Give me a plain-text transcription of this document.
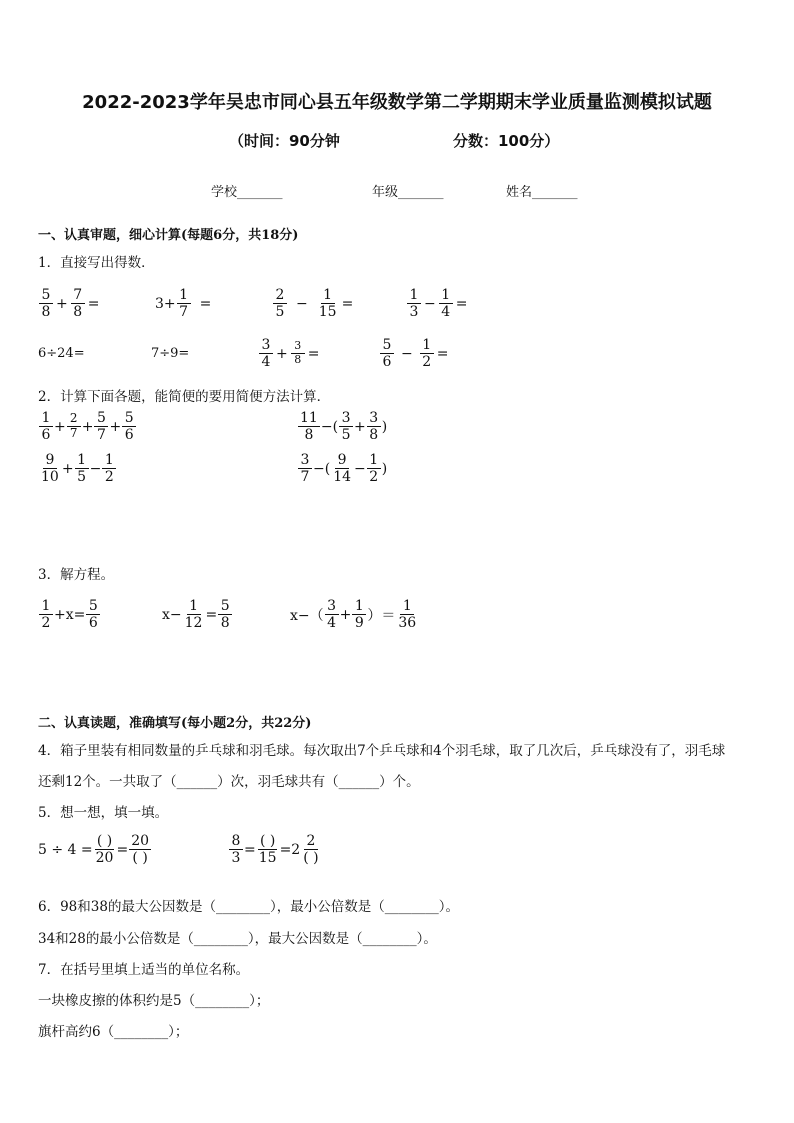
2022-2023学年吴忠市同心县五年级数学第二学期期末学业质量监测模拟试题
（时间：90分钟	分数：100分）
学校_______	年级_______	姓名_______
一、认真审题，细心计算(每题6分，共18分)
1．直接写出得数．
$\frac{5}{8} + \frac{7}{8}$ =	$3+ \frac{1}{7}$ =	$\frac{2}{5} - \frac{1}{15}$ =	$\frac{1}{3} - \frac{1}{4}$ =
6÷24=	7÷9=	$\frac{3}{4} + \frac{3}{8}$ =	$\frac{5}{6} - \frac{1}{2}$ =
2．计算下面各题，能简便的要用简便方法计算．
$\frac{1}{6} + \frac{2}{7} + \frac{5}{7} + \frac{5}{6}$
$\frac{9}{10} + \frac{1}{5} - \frac{1}{2}$
$\frac{11}{8}$ − ( $\frac{3}{5} + \frac{3}{8}$ )
$\frac{3}{7}$ − ( $\frac{9}{14} - \frac{1}{2}$ )
3．解方程。
$\frac{1}{2} +x= \frac{5}{6}$	$x- \frac{1}{12} = \frac{5}{8}$	$x-( \frac{3}{4} + \frac{1}{9}$ ）＝ $\frac{1}{36}$
二、认真读题，准确填写(每小题2分，共22分)
4．箱子里装有相同数量的乒乓球和羽毛球。每次取出7个乒乓球和4个羽毛球，取了几次后，乒乓球没有了，羽毛球
还剩12个。一共取了（______）次，羽毛球共有（______）个。
5．想一想，填一填。
$5 \div 4 = \frac{( )}{20} = \frac{20}{( )}$	$\frac{8}{3} = \frac{( )}{15} = 2 \frac{2}{( )}$
6．98和38的最大公因数是（________），最小公倍数是（________）。
34和28的最小公倍数是（________），最大公因数是（________）。
7．在括号里填上适当的单位名称。
一块橡皮擦的体积约是5（________）；
旗杆高约6（________）；
